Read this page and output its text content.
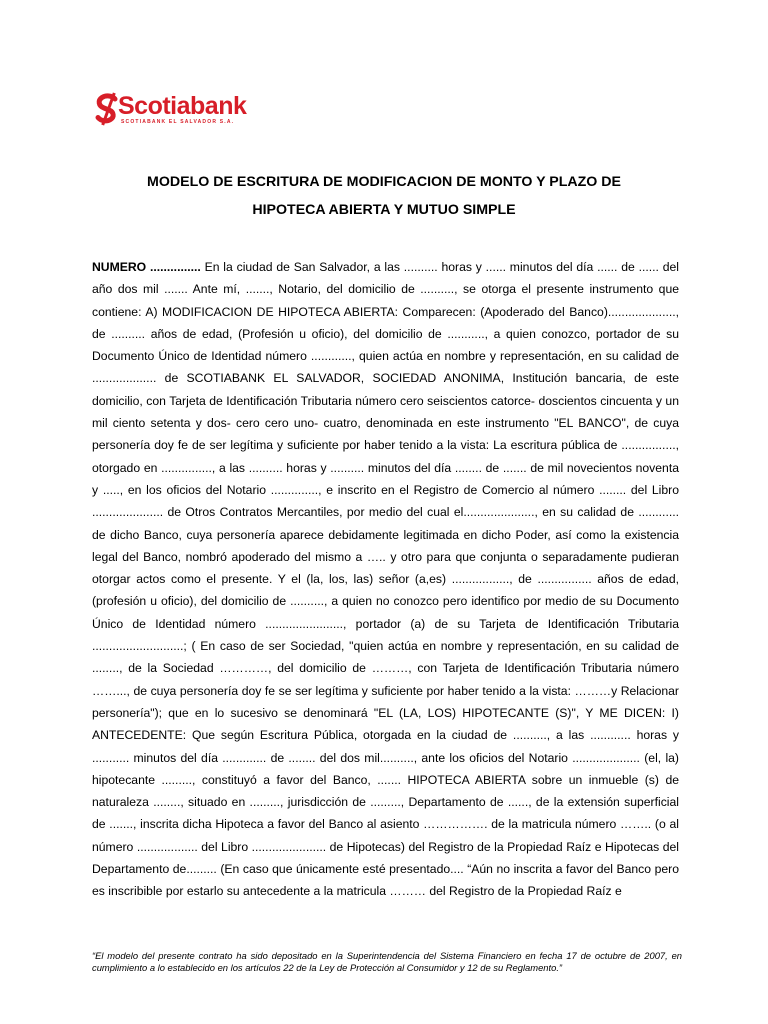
Scotiabank
SCOTIABANK EL SALVADOR S.A.

MODELO DE ESCRITURA DE MODIFICACION DE MONTO Y PLAZO DE

HIPOTECA ABIERTA Y MUTUO SIMPLE

NUMERO ............... En la ciudad de San Salvador, a las .......... horas y ...... minutos del día ...... de ...... del año dos mil ....... Ante mí, ......., Notario, del domicilio de .........., se otorga el presente instrumento que contiene: A) MODIFICACION DE HIPOTECA ABIERTA: Comparecen: (Apoderado del Banco)...................., de .......... años de edad, (Profesión u oficio), del domicilio de ..........., a quien conozco, portador de su Documento Único de Identidad número ............, quien actúa en nombre y representación, en su calidad de ................... de SCOTIABANK EL SALVADOR, SOCIEDAD ANONIMA, Institución bancaria, de este domicilio, con Tarjeta de Identificación Tributaria número cero seiscientos catorce- doscientos cincuenta y un mil ciento setenta y dos- cero cero uno- cuatro, denominada en este instrumento "EL BANCO", de cuya personería doy fe de ser legítima y suficiente por haber tenido a la vista: La escritura pública de ................, otorgado en ..............., a las .......... horas y .......... minutos del día ........ de ....... de mil novecientos noventa y ....., en los oficios del Notario .............., e inscrito en el Registro de Comercio al número ........ del Libro ..................... de Otros Contratos Mercantiles, por medio del cual el....................., en su calidad de ............ de dicho Banco, cuya personería aparece debidamente legitimada en dicho Poder, así como la existencia legal del Banco, nombró apoderado del mismo a ….. y otro para que conjunta o separadamente pudieran otorgar actos como el presente. Y el (la, los, las) señor (a,es) ................., de ................ años de edad, (profesión u oficio), del domicilio de .........., a quien no conozco pero identifico por medio de su Documento Único de Identidad número ......................., portador (a) de su Tarjeta de Identificación Tributaria ...........................; ( En caso de ser Sociedad, "quien actúa en nombre y representación, en su calidad de ........, de la Sociedad …………, del domicilio de ………, con Tarjeta de Identificación Tributaria número ……..., de cuya personería doy fe se ser legítima y suficiente por haber tenido a la vista: ………y Relacionar personería"); que en lo sucesivo se denominará "EL (LA, LOS) HIPOTECANTE (S)", Y ME DICEN: I) ANTECEDENTE: Que según Escritura Pública, otorgada en la ciudad de .........., a las ............ horas y ........... minutos del día ............. de ........ del dos mil.........., ante los oficios del Notario .................... (el, la) hipotecante ........., constituyó a favor del Banco, ....... HIPOTECA ABIERTA sobre un inmueble (s) de naturaleza ........, situado en ........., jurisdicción de ........., Departamento de ......, de la extensión superficial de ......., inscrita dicha Hipoteca a favor del Banco al asiento ……………. de la matricula número …….. (o al número .................. del Libro ...................... de Hipotecas) del Registro de la Propiedad Raíz e Hipotecas del Departamento de......... (En caso que únicamente esté presentado.... “Aún no inscrita a favor del Banco pero es inscribible por estarlo su antecedente a la matricula ……… del Registro de la Propiedad Raíz e

“El modelo del presente contrato ha sido depositado en la Superintendencia del Sistema Financiero en fecha 17 de octubre de 2007, en cumplimiento a lo establecido en los artículos 22 de la Ley de Protección al Consumidor y 12 de su Reglamento.”
